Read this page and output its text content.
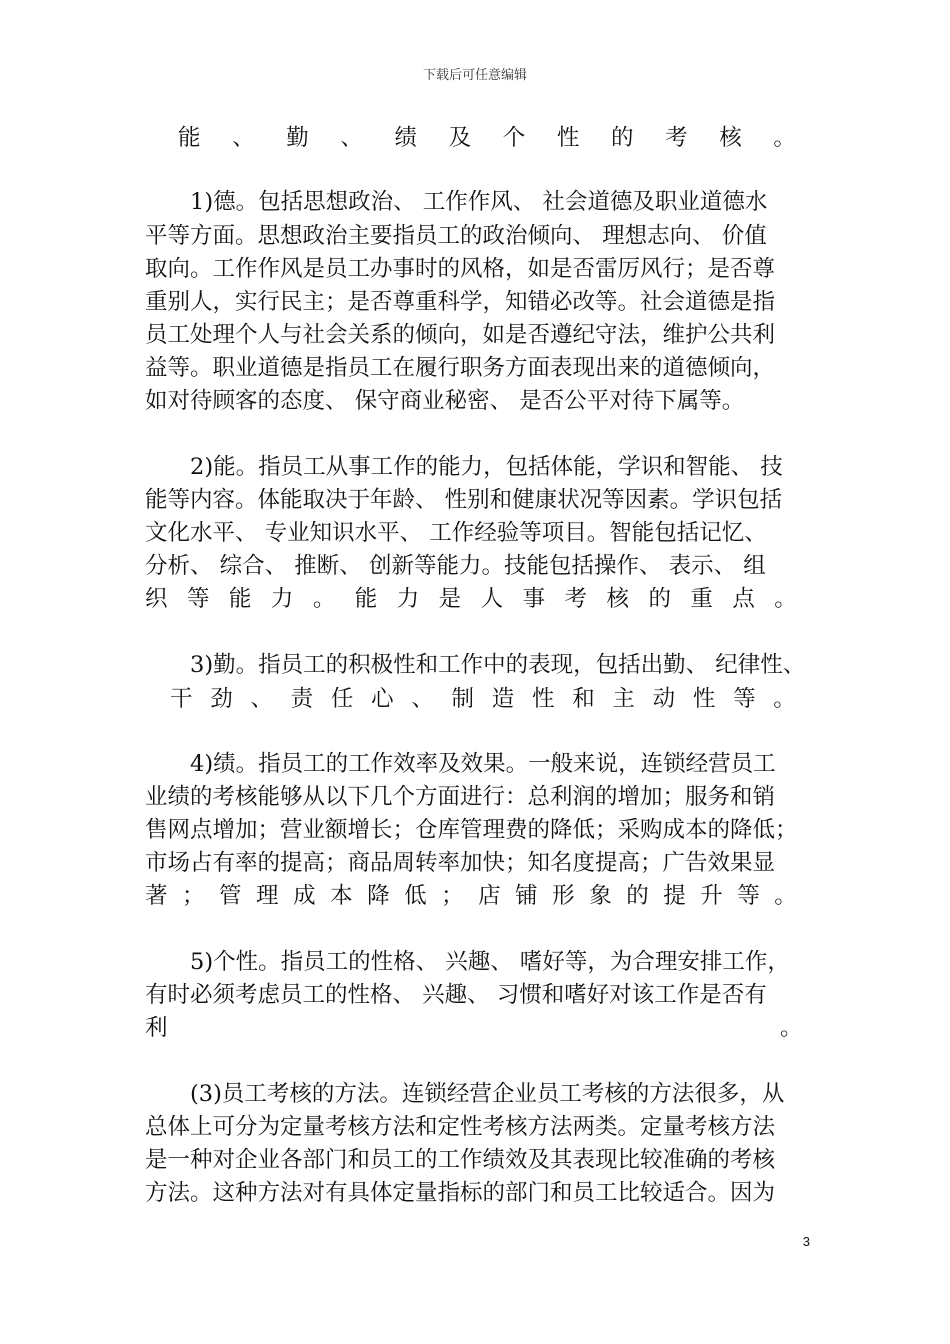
下载后可任意编辑
能 、 勤 、 绩 及 个 性 的 考 核 。
1)德。包括思想政治、 工作作风、 社会道德及职业道德水
平等方面。思想政治主要指员工的政治倾向、 理想志向、 价值
取向。工作作风是员工办事时的风格，如是否雷厉风行；是否尊
重别人，实行民主；是否尊重科学，知错必改等。社会道德是指
员工处理个人与社会关系的倾向，如是否遵纪守法，维护公共利
益等。职业道德是指员工在履行职务方面表现出来的道德倾向，
如对待顾客的态度、 保守商业秘密、 是否公平对待下属等。
2)能。指员工从事工作的能力，包括体能，学识和智能、 技
能等内容。体能取决于年龄、 性别和健康状况等因素。学识包括
文化水平、 专业知识水平、 工作经验等项目。智能包括记忆、
分析、 综合、 推断、 创新等能力。技能包括操作、 表示、 组
织 等 能 力 。 能 力 是 人 事 考 核 的 重 点 。
3)勤。指员工的积极性和工作中的表现，包括出勤、 纪律性、
干 劲 、 责 任 心 、 制 造 性 和 主 动 性 等 。
4)绩。指员工的工作效率及效果。一般来说，连锁经营员工
业绩的考核能够从以下几个方面进行：总利润的增加；服务和销
售网点增加；营业额增长；仓库管理费的降低；采购成本的降低；
市场占有率的提高；商品周转率加快；知名度提高；广告效果显
著 ； 管 理 成 本 降 低 ； 店 铺 形 象 的 提 升 等 。
5)个性。指员工的性格、 兴趣、 嗜好等，为合理安排工作，
有时必须考虑员工的性格、 兴趣、 习惯和嗜好对该工作是否有
利	。
(3)员工考核的方法。连锁经营企业员工考核的方法很多，从
总体上可分为定量考核方法和定性考核方法两类。定量考核方法
是一种对企业各部门和员工的工作绩效及其表现比较准确的考核
方法。这种方法对有具体定量指标的部门和员工比较适合。因为
3
